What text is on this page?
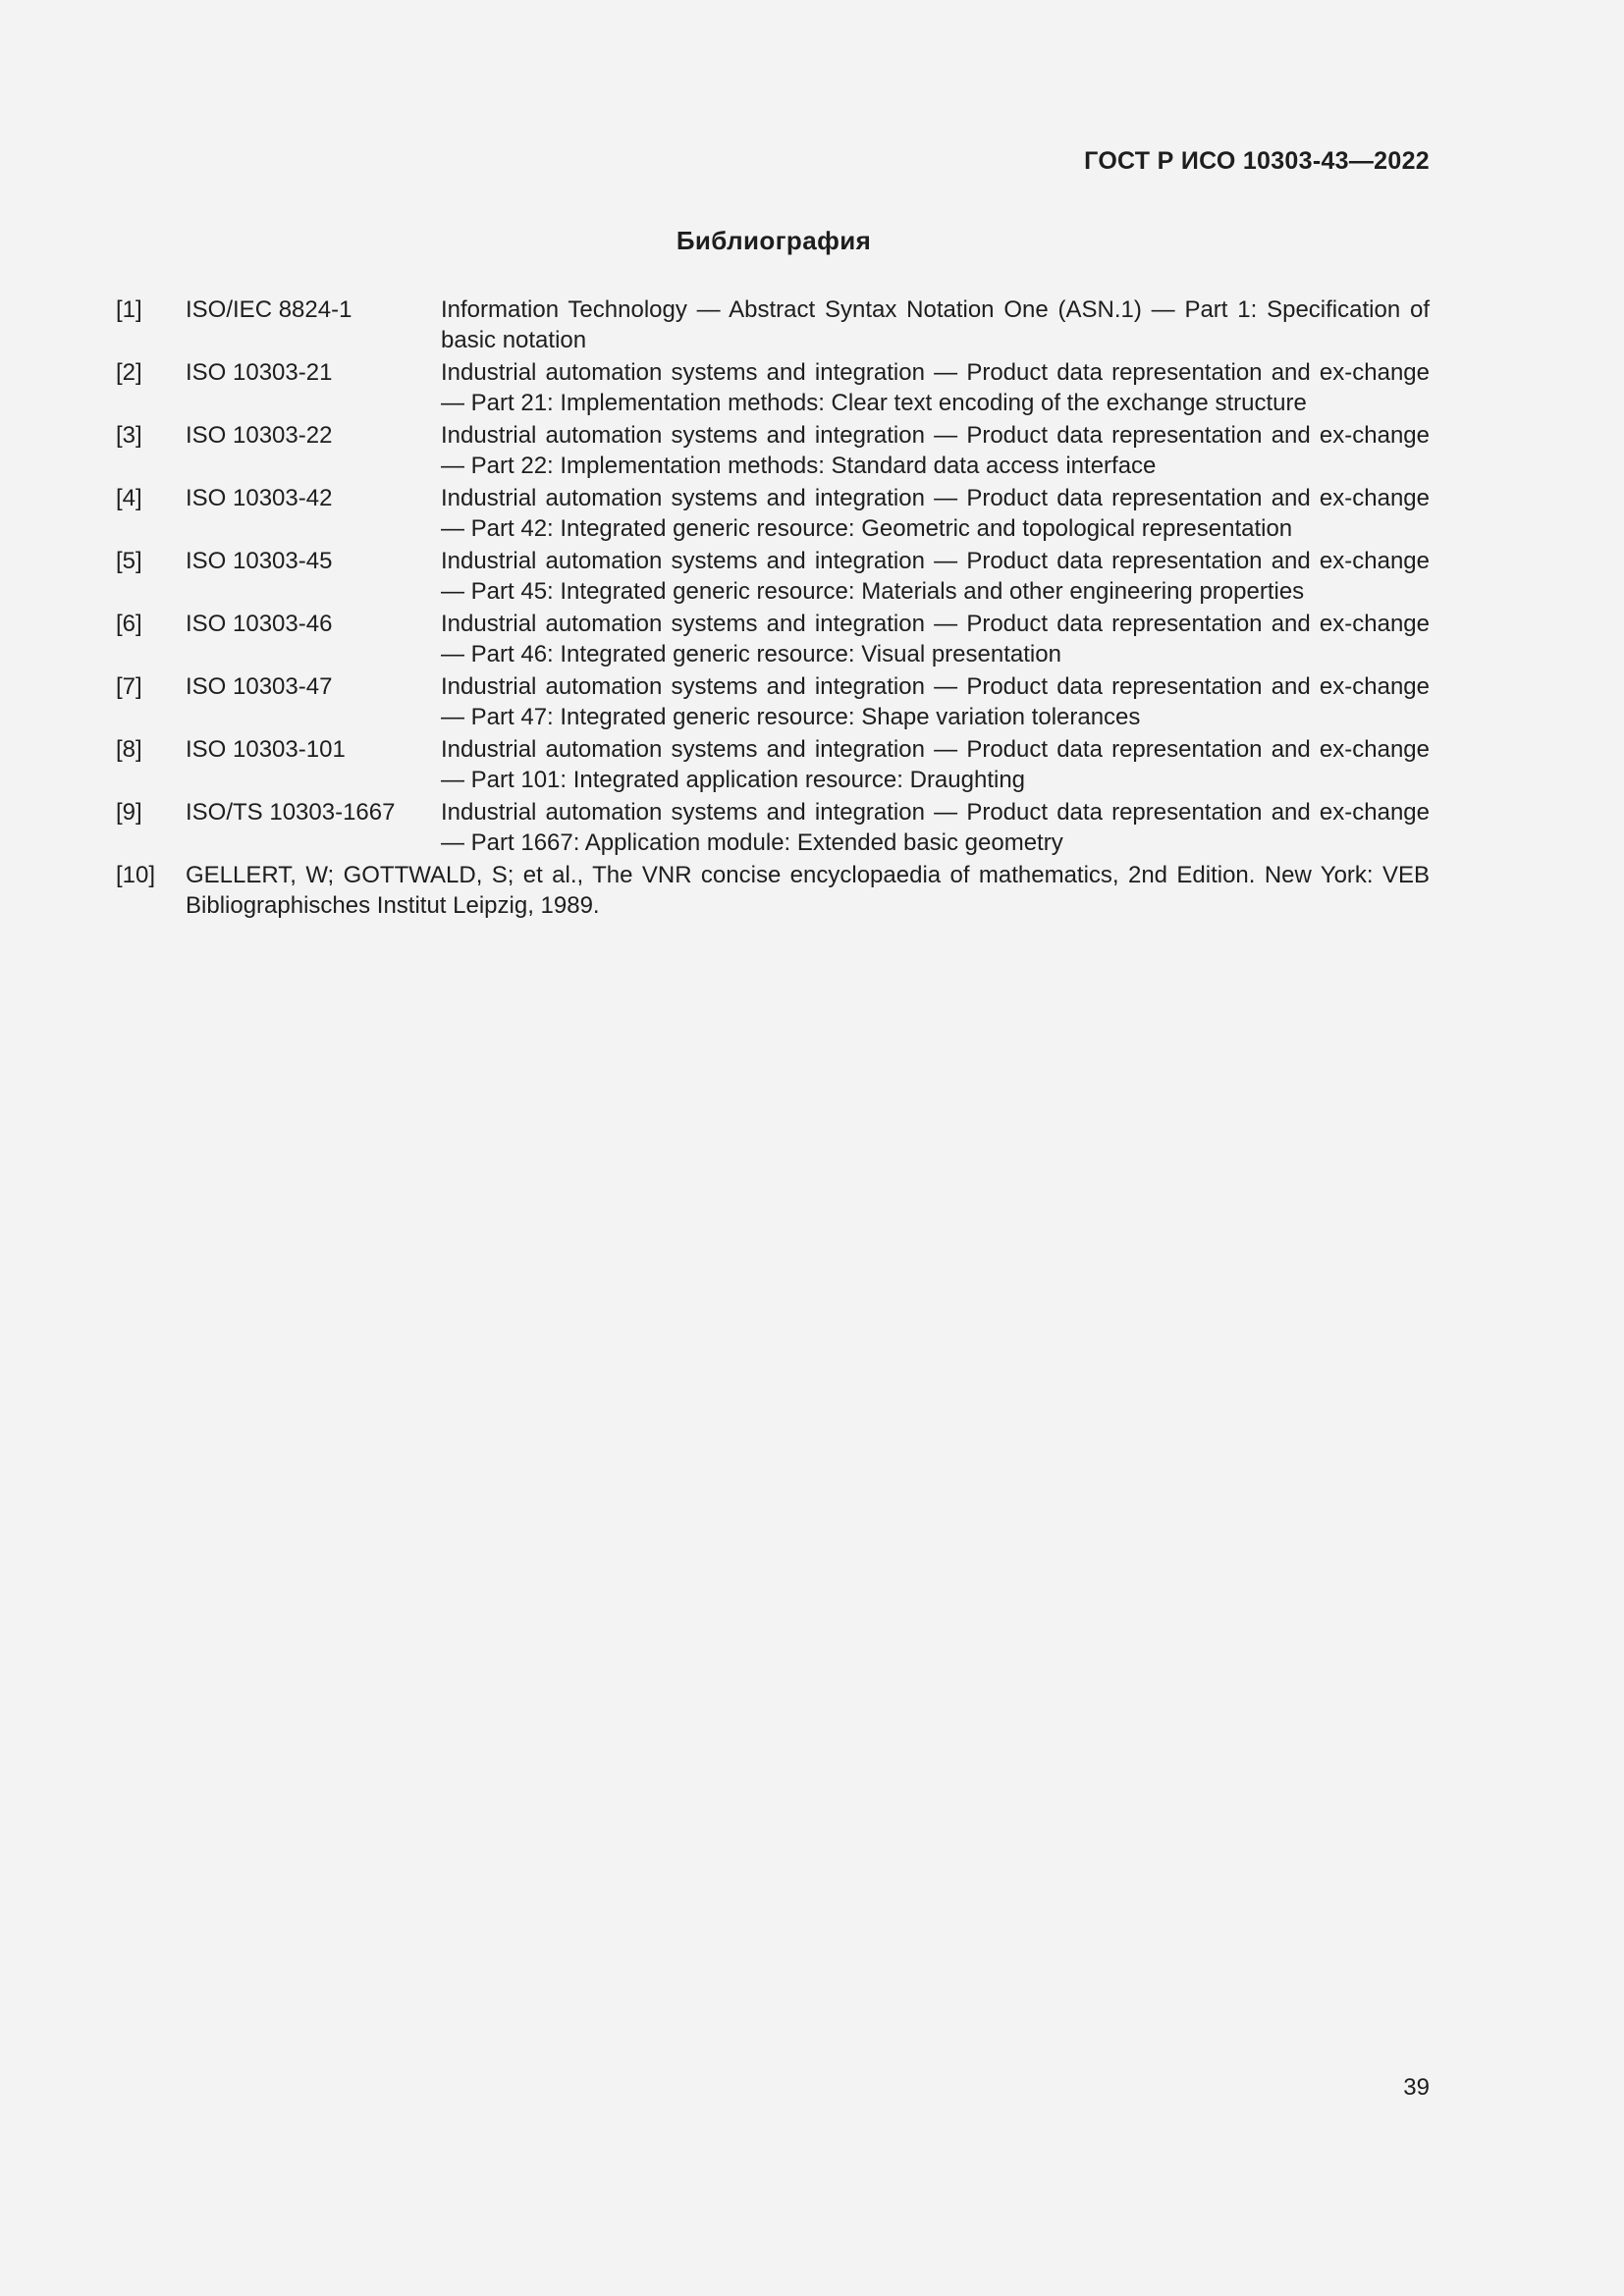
ГОСТ Р ИСО 10303-43—2022
Библиография
[1]	ISO/IEC 8824-1	Information Technology — Abstract Syntax Notation One (ASN.1) — Part 1: Specification of basic notation
[2]	ISO 10303-21	Industrial automation systems and integration — Product data representation and ex-change — Part 21: Implementation methods: Clear text encoding of the exchange structure
[3]	ISO 10303-22	Industrial automation systems and integration — Product data representation and ex-change — Part 22: Implementation methods: Standard data access interface
[4]	ISO 10303-42	Industrial automation systems and integration — Product data representation and ex-change — Part 42: Integrated generic resource: Geometric and topological representation
[5]	ISO 10303-45	Industrial automation systems and integration — Product data representation and ex-change — Part 45: Integrated generic resource: Materials and other engineering properties
[6]	ISO 10303-46	Industrial automation systems and integration — Product data representation and ex-change — Part 46: Integrated generic resource: Visual presentation
[7]	ISO 10303-47	Industrial automation systems and integration — Product data representation and ex-change — Part 47: Integrated generic resource: Shape variation tolerances
[8]	ISO 10303-101	Industrial automation systems and integration — Product data representation and ex-change — Part 101: Integrated application resource: Draughting
[9]	ISO/TS 10303-1667	Industrial automation systems and integration — Product data representation and ex-change — Part 1667: Application module: Extended basic geometry
[10]	GELLERT, W; GOTTWALD, S; et al., The VNR concise encyclopaedia of mathematics, 2nd Edition. New York: VEB Bibliographisches Institut Leipzig, 1989.
39
